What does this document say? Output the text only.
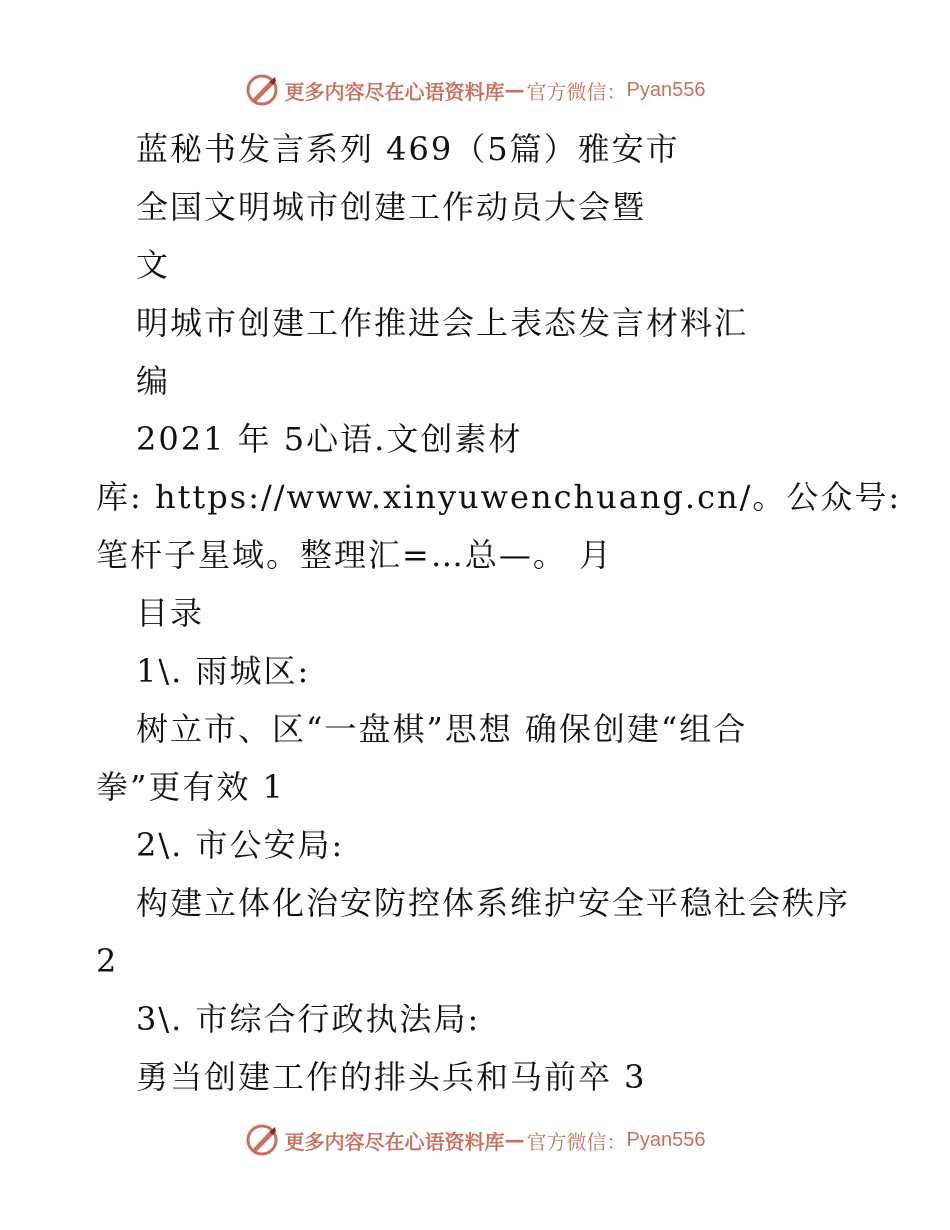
更多内容尽在心语资料库 — 官方微信： Pyan556
蓝秘书发言系列 469（5篇）雅安市
全国文明城市创建工作动员大会暨
文
明城市创建工作推进会上表态发言材料汇
编
2021 年 5心语.文创素材
库: https://www.xinyuwenchuang.cn/。公众号:
笔杆子星域。整理汇=…总—。 月
目录
1\. 雨城区:
树立市、区“一盘棋”思想 确保创建“组合
拳”更有效 1
2\. 市公安局:
构建立体化治安防控体系维护安全平稳社会秩序
2
3\. 市综合行政执法局:
勇当创建工作的排头兵和马前卒 3
更多内容尽在心语资料库 — 官方微信： Pyan556
